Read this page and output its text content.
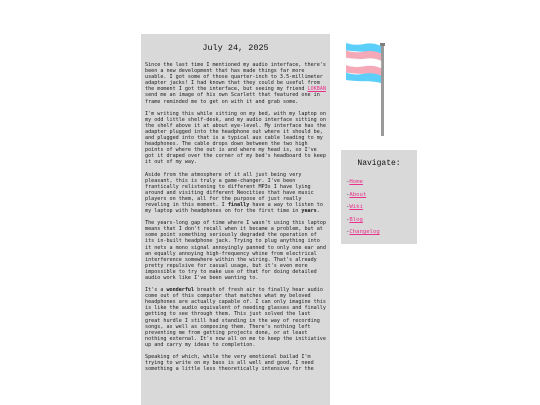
July 24, 2025

Since the last time I mentioned my audio interface, there's been a new development that has made things far more usable. I got some of those quarter-inch to 3.5-millimeter adapter jacks! I had known that they could be useful from the moment I got the interface, but seeing my friend LOKBAN send me an image of his own Scarlett that featured one in frame reminded me to get on with it and grab some.

I'm writing this while sitting on my bed, with my laptop on my odd little shelf-desk, and my audio interface sitting on the shelf above it at about eye-level. My interface has the adapter plugged into the headphone out where it should be, and plugged into that is a typical aux cable leading to my headphones. The cable drops down between the two high points of where the out is and where my head is, so I've got it draped over the corner of my bed's headboard to keep it out of my way.

Aside from the atmosphere of it all just being very pleasant, this is truly a game-changer. I've been frantically relistening to different MP3s I have lying around and visiting different Neocities that have music players on them, all for the purpose of just really reveling in this moment. I finally have a way to listen to my laptop with headphones on for the first time in years.

The years-long gap of time where I wasn't using this laptop means that I don't recall when it became a problem, but at some point something seriously degraded the operation of its in-built headphone jack. Trying to plug anything into it nets a mono signal annoyingly panned to only one ear and an equally annoying high-frequency whine from electrical interference somewhere within the wiring. That's already pretty repulsive for casual usage, but it's even more impossible to try to make use of that for doing detailed audio work like I've been wanting to.

It's a wonderful breath of fresh air to finally hear audio come out of this computer that matches what my beloved headphones are actually capable of. I can only imagine this is like the audio equivalent of needing glasses and finally getting to see through them. This just solved the last great hurdle I still had standing in the way of recording songs, as well as composing them. There's nothing left preventing me from getting projects done, or at least nothing external. It's now all on me to keep the initiative up and carry my ideas to completion.

Speaking of which, while the very emotional bailad I'm trying to write on my bass is all well and good, I need something a little less theoretically intensive for the

Navigate:
-Home
-About
-Wiki
-Blog
-Changelog
